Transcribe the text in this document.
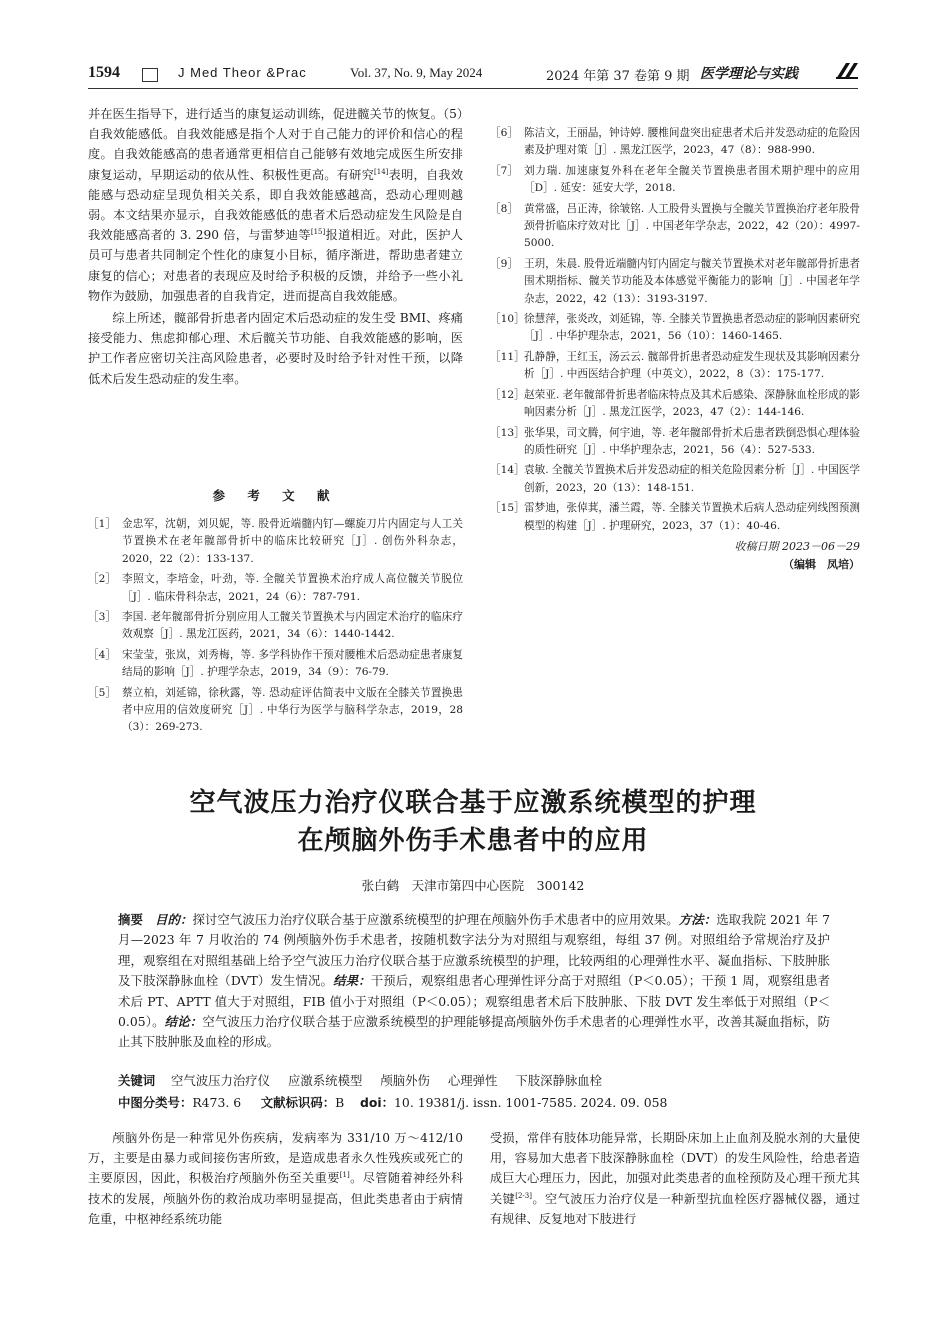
1594	J Med Theor &Prac	Vol. 37, No. 9, May 2024	2024 年第 37 卷第 9 期 医学理论与实践

并在医生指导下，进行适当的康复运动训练，促进髋关节的恢复。（5）自我效能感低。自我效能感是指个人对于自己能力的评价和信心的程度。自我效能感高的患者通常更相信自己能够有效地完成医生所安排康复运动，早期运动的依从性、积极性更高。有研究[14]表明，自我效能感与恐动症呈现负相关关系，即自我效能感越高，恐动心理则越弱。本文结果亦显示，自我效能感低的患者术后恐动症发生风险是自我效能感高者的 3. 290 倍，与雷梦迪等[15]报道相近。对此，医护人员可与患者共同制定个性化的康复小目标，循序渐进，帮助患者建立康复的信心；对患者的表现应及时给予积极的反馈，并给予一些小礼物作为鼓励，加强患者的自我肯定，进而提高自我效能感。

综上所述，髋部骨折患者内固定术后恐动症的发生受 BMI、疼痛接受能力、焦虑抑郁心理、术后髋关节功能、自我效能感的影响，医护工作者应密切关注高风险患者，必要时及时给予针对性干预，以降低术后发生恐动症的发生率。

参 考 文 献
［1］ 金忠军，沈朝，刘贝妮，等. 股骨近端髓内钉—螺旋刀片内固定与人工关节置换术在老年髋部骨折中的临床比较研究［J］. 创伤外科杂志，2020，22（2）：133-137.
［2］ 李照文，李培金，叶劲，等. 全髋关节置换术治疗成人高位髋关节脱位［J］. 临床骨科杂志，2021，24（6）：787-791.
［3］ 李国. 老年髋部骨折分别应用人工髋关节置换术与内固定术治疗的临床疗效观察［J］. 黑龙江医药，2021，34（6）：1440-1442.
［4］ 宋莹莹，张岚，刘秀梅，等. 多学科协作干预对腰椎术后恐动症患者康复结局的影响［J］. 护理学杂志，2019，34（9）：76-79.
［5］ 蔡立柏，刘延锦，徐秋露，等. 恐动症评估简表中文版在全膝关节置换患者中应用的信效度研究［J］. 中华行为医学与脑科学杂志，2019，28（3）：269-273.
［6］ 陈洁文，王丽晶，钟诗婷. 腰椎间盘突出症患者术后并发恐动症的危险因素及护理对策［J］. 黑龙江医学，2023，47（8）：988-990.
［7］ 刘力瑞. 加速康复外科在老年全髋关节置换患者围术期护理中的应用［D］. 延安：延安大学，2018.
［8］ 黄常盛，吕正涛，徐皱铭. 人工股骨头置换与全髋关节置换治疗老年股骨颈骨折临床疗效对比［J］. 中国老年学杂志，2022，42（20）：4997-5000.
［9］ 王玥，朱晨. 股骨近端髓内钉内固定与髋关节置换术对老年髋部骨折患者围术期指标、髋关节功能及本体感觉平衡能力的影响［J］. 中国老年学杂志，2022，42（13）：3193-3197.
［10］ 徐慧萍，张炎改，刘延锦，等. 全膝关节置换患者恐动症的影响因素研究［J］. 中华护理杂志，2021，56（10）：1460-1465.
［11］ 孔静静，王红玉，汤云云. 髋部骨折患者恐动症发生现状及其影响因素分析［J］. 中西医结合护理（中英文），2022，8（3）：175-177.
［12］ 赵荣亚. 老年髋部骨折患者临床特点及其术后感染、深静脉血栓形成的影响因素分析［J］. 黑龙江医学，2023，47（2）：144-146.
［13］ 张华果，司文腾，何宇迪，等. 老年髋部骨折术后患者跌倒恐惧心理体验的质性研究［J］. 中华护理杂志，2021，56（4）：527-533.
［14］ 袁敏. 全髋关节置换术后并发恐动症的相关危险因素分析［J］. 中国医学创新，2023，20（13）：148-151.
［15］ 雷梦迪，张倬萁，潘兰霞，等. 全膝关节置换术后病人恐动症列线图预测模型的构建［J］. 护理研究，2023，37（1）：40-46.
收稿日期 2023－06－29
（编辑　凤培）
空气波压力治疗仪联合基于应激系统模型的护理
在颅脑外伤手术患者中的应用
张白鹤　天津市第四中心医院　300142
摘要 目的：探讨空气波压力治疗仪联合基于应激系统模型的护理在颅脑外伤手术患者中的应用效果。方法：选取我院 2021 年 7 月—2023 年 7 月收治的 74 例颅脑外伤手术患者，按随机数字法分为对照组与观察组，每组 37 例。对照组给予常规治疗及护理，观察组在对照组基础上给予空气波压力治疗仪联合基于应激系统模型的护理，比较两组的心理弹性水平、凝血指标、下肢肿胀及下肢深静脉血栓（DVT）发生情况。结果：干预后，观察组患者心理弹性评分高于对照组（P＜0.05）；干预 1 周，观察组患者术后 PT、APTT 值大于对照组，FIB 值小于对照组（P＜0.05）；观察组患者术后下肢肿胀、下肢 DVT 发生率低于对照组（P＜0.05）。结论：空气波压力治疗仪联合基于应激系统模型的护理能够提高颅脑外伤手术患者的心理弹性水平，改善其凝血指标，防止其下肢肿胀及血栓的形成。
关键词 空气波压力治疗仪 应激系统模型 颅脑外伤 心理弹性 下肢深静脉血栓
中图分类号：R473. 6 文献标识码：B doi：10. 19381/j. issn. 1001-7585. 2024. 09. 058

颅脑外伤是一种常见外伤疾病，发病率为 331/10 万～412/10 万，主要是由暴力或间接伤害所致，是造成患者永久性残疾或死亡的主要原因，因此，积极治疗颅脑外伤至关重要[1]。尽管随着神经外科技术的发展，颅脑外伤的救治成功率明显提高，但此类患者由于病情危重，中枢神经系统功能

受损，常伴有肢体功能异常，长期卧床加上止血剂及脱水剂的大量使用，容易加大患者下肢深静脉血栓（DVT）的发生风险性，给患者造成巨大心理压力，因此，加强对此类患者的血栓预防及心理干预尤其关键[2-3]。空气波压力治疗仪是一种新型抗血栓医疗器械仪器，通过有规律、反复地对下肢进行
